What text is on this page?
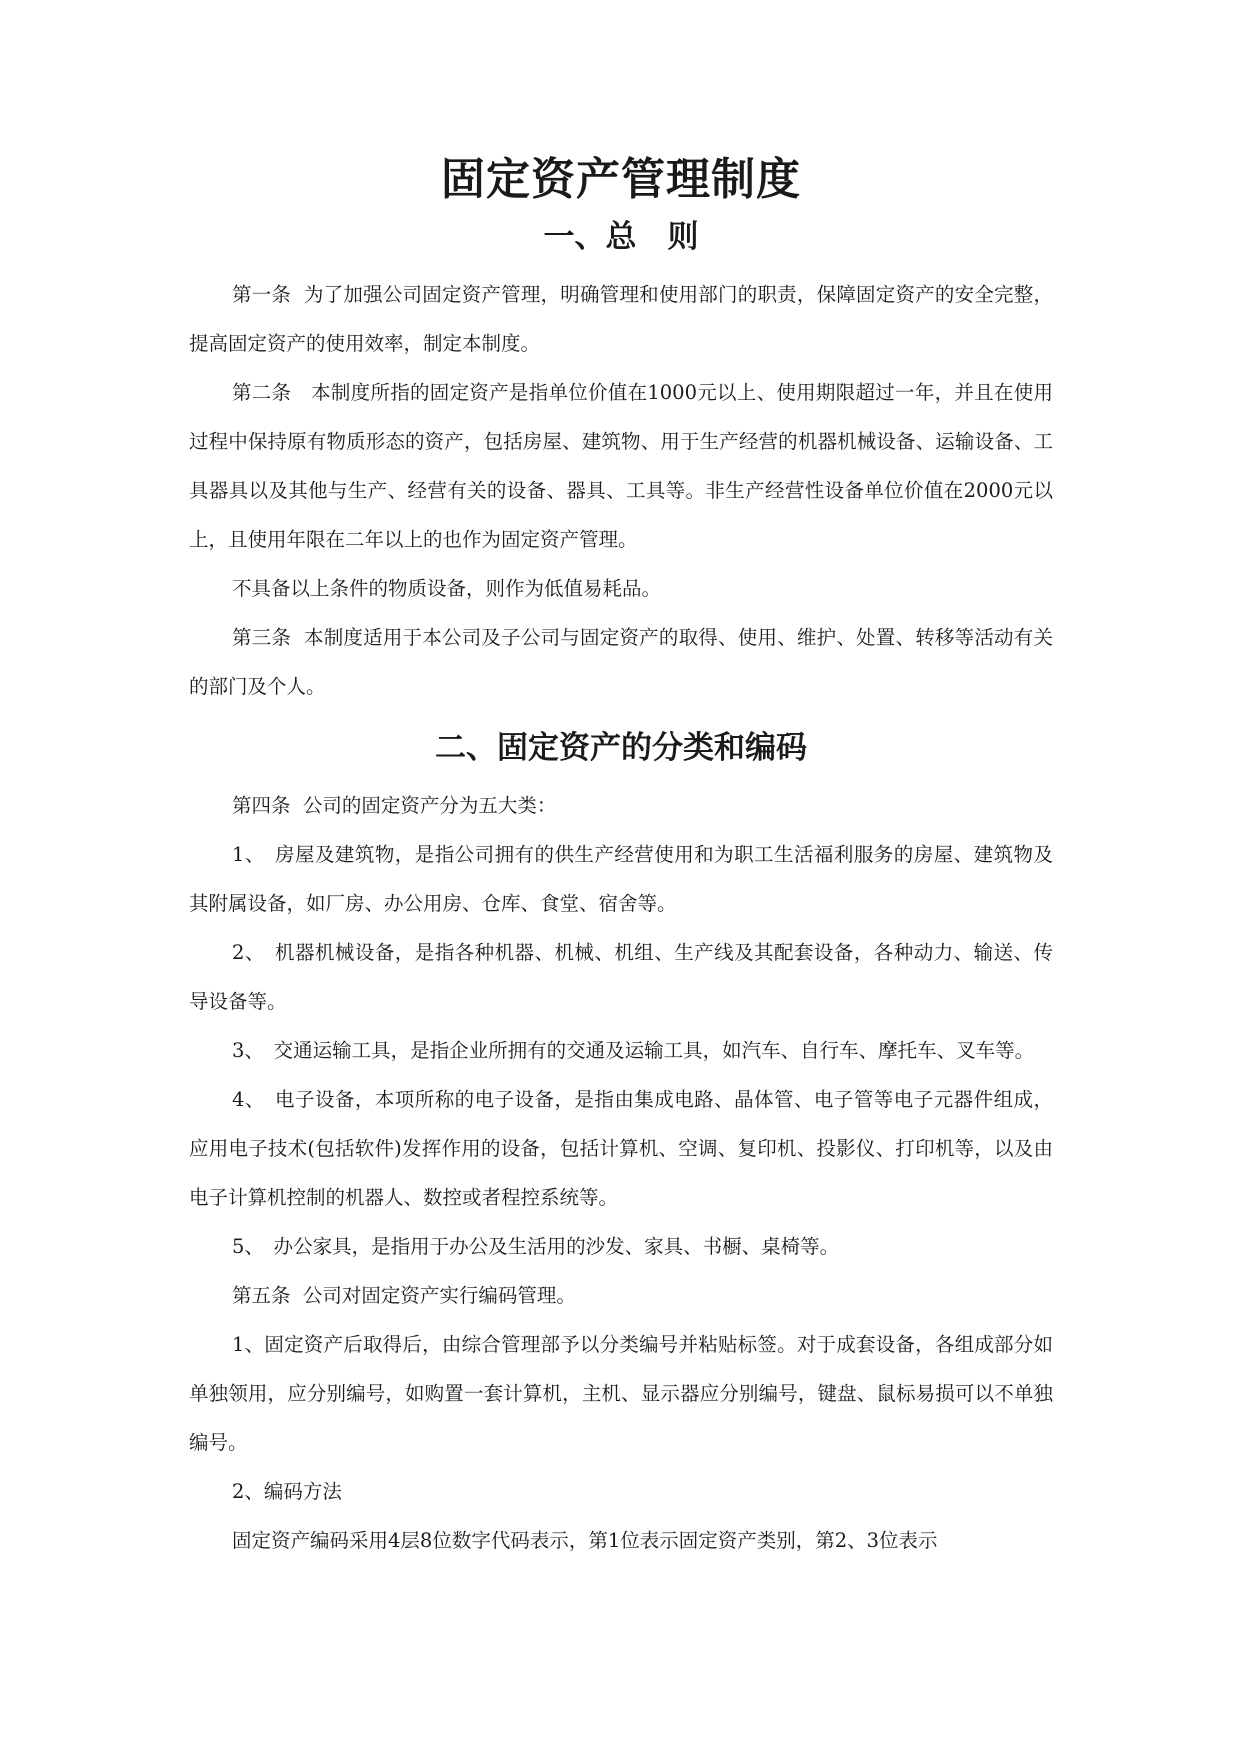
固定资产管理制度
一、总　则

第一条  为了加强公司固定资产管理，明确管理和使用部门的职责，保障固定资产的安全完整，提高固定资产的使用效率，制定本制度。

第二条　本制度所指的固定资产是指单位价值在1000元以上、使用期限超过一年，并且在使用过程中保持原有物质形态的资产，包括房屋、建筑物、用于生产经营的机器机械设备、运输设备、工具器具以及其他与生产、经营有关的设备、器具、工具等。非生产经营性设备单位价值在2000元以上，且使用年限在二年以上的也作为固定资产管理。

不具备以上条件的物质设备，则作为低值易耗品。

第三条  本制度适用于本公司及子公司与固定资产的取得、使用、维护、处置、转移等活动有关的部门及个人。

二、固定资产的分类和编码

第四条  公司的固定资产分为五大类：

1、　房屋及建筑物，是指公司拥有的供生产经营使用和为职工生活福利服务的房屋、建筑物及其附属设备，如厂房、办公用房、仓库、食堂、宿舍等。

2、　机器机械设备，是指各种机器、机械、机组、生产线及其配套设备，各种动力、输送、传导设备等。

3、　交通运输工具，是指企业所拥有的交通及运输工具，如汽车、自行车、摩托车、叉车等。

4、　电子设备，本项所称的电子设备，是指由集成电路、晶体管、电子管等电子元器件组成，应用电子技术(包括软件)发挥作用的设备，包括计算机、空调、复印机、投影仪、打印机等，以及由电子计算机控制的机器人、数控或者程控系统等。

5、　办公家具，是指用于办公及生活用的沙发、家具、书橱、桌椅等。

第五条  公司对固定资产实行编码管理。

1、固定资产后取得后，由综合管理部予以分类编号并粘贴标签。对于成套设备，各组成部分如单独领用，应分别编号，如购置一套计算机，主机、显示器应分别编号，键盘、鼠标易损可以不单独编号。

2、编码方法

固定资产编码采用4层8位数字代码表示，第1位表示固定资产类别，第2、3位表示
